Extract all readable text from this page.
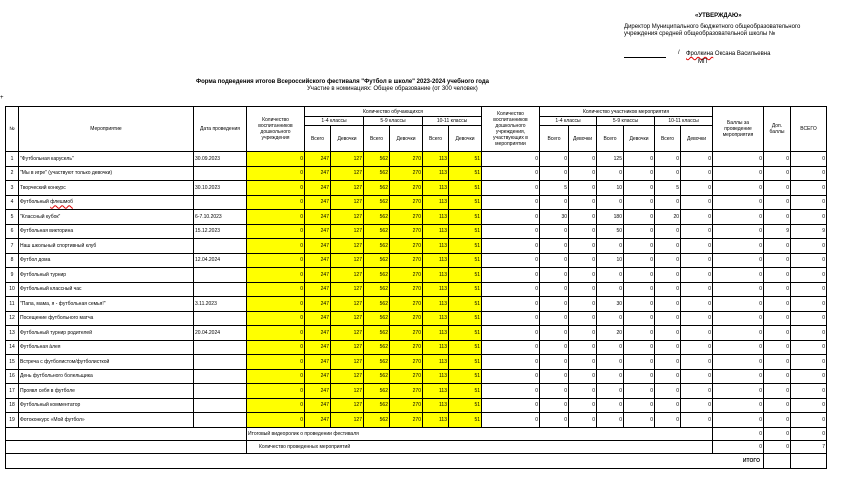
«УТВЕРЖДАЮ»
Директор Муниципального бюджетного общеобразовательного
учреждения средней общеобразовательной школы №
/ Фролкина Оксана Васильевна
МП
Форма подведения итогов Всероссийского фестиваля "Футбол в школе" 2023-2024 учебного года
Участие в номинациях: Общее образование (от 300 человек)
+
№	Мероприятие	Дата проведения	Количество воспитанников дошкольного учреждения	Количество обучающихся						Количество воспитанников дошкольного учреждения, участвующих в мероприятии	Количество участников мероприятия						Баллы за проведение мероприятия	Доп. баллы	ВСЕГО
				1-4 классы		5-9 классы		10-11 классы			1-4 классы		5-9 классы		10-11 классы				
				Всего	Девочки	Всего	Девочки	Всего	Девочки		Всего	Девочки	Всего	Девочки	Всего	Девочки			
1	"Футбольная карусель"	30.09.2023	0	247	127	562	270	113	51	0	0	0	125	0	0	0	0	0	0
2	"Мы в игре" (участвуют только девочки)		0	247	127	562	270	113	51	0	0	0	0	0	0	0	0	0	0
3	Творческий конкурс	30.10.2023	0	247	127	562	270	113	51	0	5	0	10	0	5	0	0	0	0
4	Футбольный флешмоб		0	247	127	562	270	113	51	0	0	0	0	0	0	0	0	0	0
5	"Классный кубок"	6-7.10.2023	0	247	127	562	270	113	51	0	30	0	180	0	20	0	0	0	0
6	Футбольная викторина	15.12.2023	0	247	127	562	270	113	51	0	0	0	50	0	0	0	0	9	9
7	Наш школьный спортивный клуб		0	247	127	562	270	113	51	0	0	0	0	0	0	0	0	0	0
8	Футбол дома	12.04.2024	0	247	127	562	270	113	51	0	0	0	10	0	0	0	0	0	0
9	Футбольный турнир		0	247	127	562	270	113	51	0	0	0	0	0	0	0	0	0	0
10	Футбольный классный час		0	247	127	562	270	113	51	0	0	0	0	0	0	0	0	0	0
11	"Папа, мама, я - футбольная семья!"	3.11.2023	0	247	127	562	270	113	51	0	0	0	30	0	0	0	0	0	0
12	Посещение футбольного матча		0	247	127	562	270	113	51	0	0	0	0	0	0	0	0	0	0
13	Футбольный турнир родителей	20.04.2024	0	247	127	562	270	113	51	0	0	0	20	0	0	0	0	0	0
14	Футбольная àлея		0	247	127	562	270	113	51	0	0	0	0	0	0	0	0	0	0
15	Встреча с футболистом/футболисткой		0	247	127	562	270	113	51	0	0	0	0	0	0	0	0	0	0
16	День футбольного болельщика		0	247	127	562	270	113	51	0	0	0	0	0	0	0	0	0	0
17	Проявл себя в футболе		0	247	127	562	270	113	51	0	0	0	0	0	0	0	0	0	0
18	Футбольный комментатор		0	247	127	562	270	113	51	0	0	0	0	0	0	0	0	0	0
19	Фотоконкурс «Мой футбол»		0	247	127	562	270	113	51	0	0	0	0	0	0	0	0	0	0
			Итоговый видеоролик о проведении фестиваля														0	0	0
			Количество проведенных мероприятий														0	0	7
ИТОГО																			
